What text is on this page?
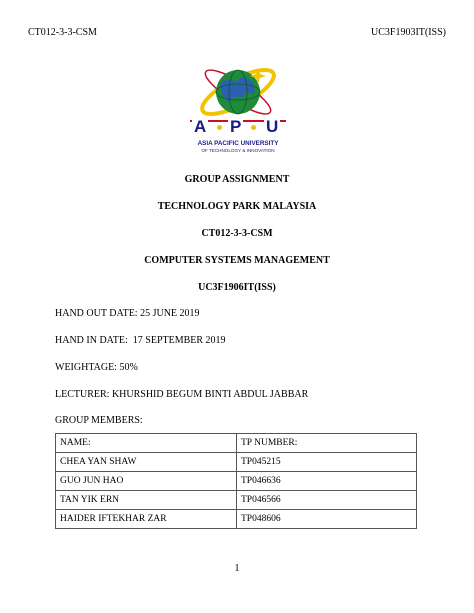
CT012-3-3-CSM	UC3F1903IT(ISS)
A P U
ASIA PACIFIC UNIVERSITY
OF TECHNOLOGY & INNOVATION
GROUP ASSIGNMENT
TECHNOLOGY PARK MALAYSIA
CT012-3-3-CSM
COMPUTER SYSTEMS MANAGEMENT
UC3F1906IT(ISS)
HAND OUT DATE: 25 JUNE 2019
HAND IN DATE:  17 SEPTEMBER 2019
WEIGHTAGE: 50%
LECTURER: KHURSHID BEGUM BINTI ABDUL JABBAR
GROUP MEMBERS:
NAME:	TP NUMBER:
CHEA YAN SHAW	TP045215
GUO JUN HAO	TP046636
TAN YIK ERN	TP046566
HAIDER IFTEKHAR ZAR	TP048606
1
